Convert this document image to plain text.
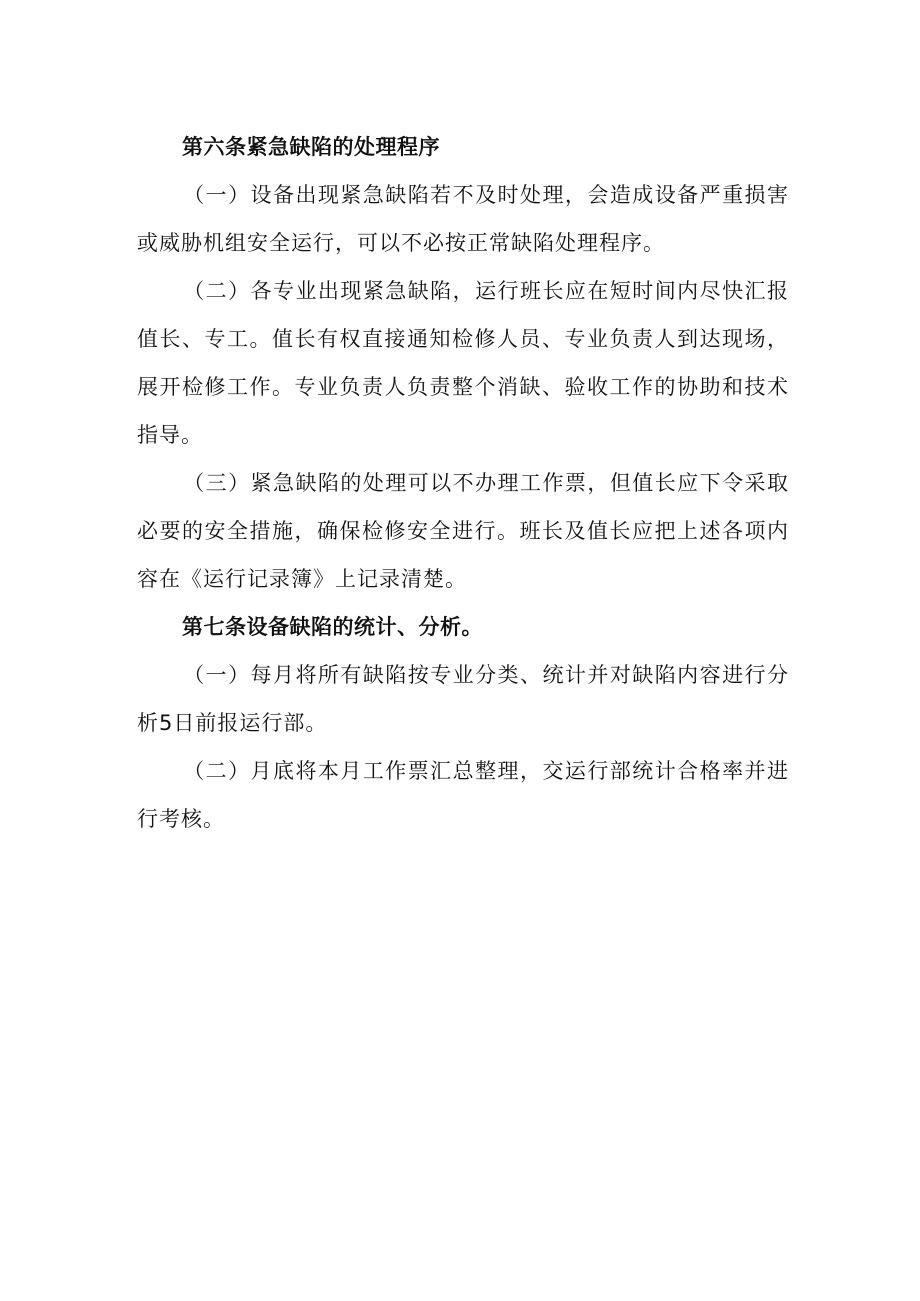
第六条紧急缺陷的处理程序

（一）设备出现紧急缺陷若不及时处理，会造成设备严重损害或威胁机组安全运行，可以不必按正常缺陷处理程序。

（二）各专业出现紧急缺陷，运行班长应在短时间内尽快汇报值长、专工。值长有权直接通知检修人员、专业负责人到达现场，展开检修工作。专业负责人负责整个消缺、验收工作的协助和技术指导。

（三）紧急缺陷的处理可以不办理工作票，但值长应下令采取必要的安全措施，确保检修安全进行。班长及值长应把上述各项内容在《运行记录簿》上记录清楚。

第七条设备缺陷的统计、分析。

（一）每月将所有缺陷按专业分类、统计并对缺陷内容进行分析5日前报运行部。

（二）月底将本月工作票汇总整理，交运行部统计合格率并进行考核。
